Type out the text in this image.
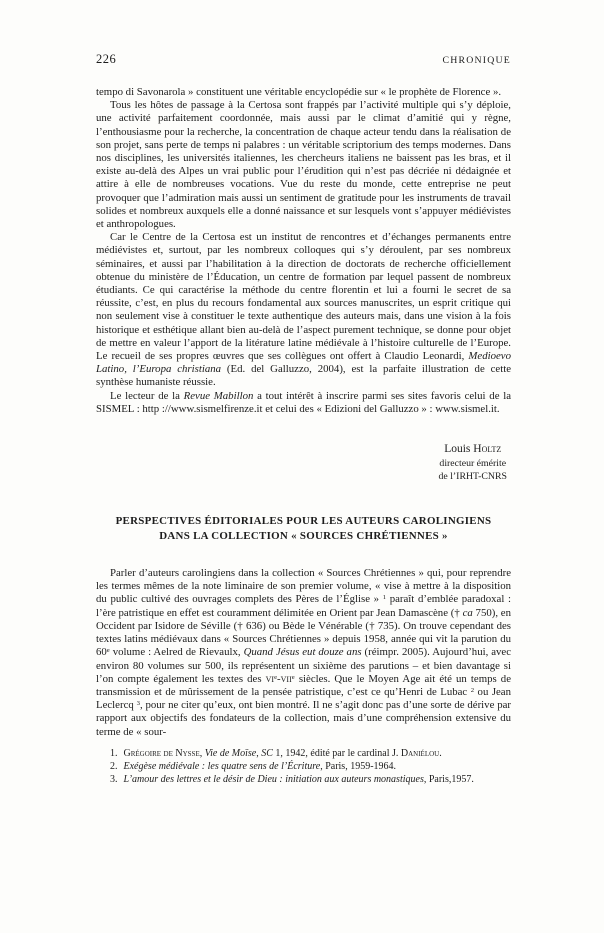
226	CHRONIQUE

tempo di Savonarola » constituent une véritable encyclopédie sur « le prophète de Florence ».

Tous les hôtes de passage à la Certosa sont frappés par l’activité multiple qui s’y déploie, une activité parfaitement coordonnée, mais aussi par le climat d’amitié qui y règne, l’enthousiasme pour la recherche, la concentration de chaque acteur tendu dans la réalisation de son projet, sans perte de temps ni palabres : un véritable scriptorium des temps modernes. Dans nos disciplines, les universités italiennes, les chercheurs italiens ne baissent pas les bras, et il existe au-delà des Alpes un vrai public pour l’érudition qui n’est pas décriée ni dédaignée et attire à elle de nombreuses vocations. Vue du reste du monde, cette entreprise ne peut provoquer que l’admiration mais aussi un sentiment de gratitude pour les instruments de travail solides et nombreux auxquels elle a donné naissance et sur lesquels vont s’appuyer médiévistes et anthropologues.

Car le Centre de la Certosa est un institut de rencontres et d’échanges permanents entre médiévistes et, surtout, par les nombreux colloques qui s’y déroulent, par ses nombreux séminaires, et aussi par l’habilitation à la direction de doctorats de recherche officiellement obtenue du ministère de l’Éducation, un centre de formation par lequel passent de nombreux étudiants. Ce qui caractérise la méthode du centre florentin et lui a fourni le secret de sa réussite, c’est, en plus du recours fondamental aux sources manuscrites, un esprit critique qui non seulement vise à constituer le texte authentique des auteurs mais, dans une vision à la fois historique et esthétique allant bien au-delà de l’aspect purement technique, se donne pour objet de mettre en valeur l’apport de la litérature latine médiévale à l’histoire culturelle de l’Europe. Le recueil de ses propres œuvres que ses collègues ont offert à Claudio Leonardi, Medioevo Latino, l’Europa christiana (Ed. del Galluzzo, 2004), est la parfaite illustration de cette synthèse humaniste réussie.

Le lecteur de la Revue Mabillon a tout intérêt à inscrire parmi ses sites favoris celui de la SISMEL : http ://www.sismelfirenze.it et celui des « Edizioni del Galluzzo » : www.sismel.it.

Louis Holtz
directeur émérite
de l’IRHT-CNRS
PERSPECTIVES ÉDITORIALES POUR LES AUTEURS CAROLINGIENS
DANS LA COLLECTION « SOURCES CHRÉTIENNES »

Parler d’auteurs carolingiens dans la collection « Sources Chrétiennes » qui, pour reprendre les termes mêmes de la note liminaire de son premier volume, « vise à mettre à la disposition du public cultivé des ouvrages complets des Pères de l’Église » $^1$ paraît d’emblée paradoxal : l’ère patristique en effet est couramment délimitée en Orient par Jean Damascène († ca 750), en Occident par Isidore de Séville († 636) ou Bède le Vénérable († 735). On trouve cependant des textes latins médiévaux dans « Sources Chrétiennes » depuis 1958, année qui vit la parution du 60e volume : Aelred de Rievaulx, Quand Jésus eut douze ans (réimpr. 2005). Aujourd’hui, avec environ 80 volumes sur 500, ils représentent un sixième des parutions – et bien davantage si l’on compte également les textes des $vi^e-vii^e$ siècles. Que le Moyen Age ait été un temps de transmission et de mûrissement de la pensée patristique, c’est ce qu’Henri de Lubac $^2$ ou Jean Leclercq $^3$, pour ne citer qu’eux, ont bien montré. Il ne s’agit donc pas d’une sorte de dérive par rapport aux objectifs des fondateurs de la collection, mais d’une compréhension extensive du terme de « sour-

1. Grégoire de Nysse, Vie de Moïse, SC 1, 1942, édité par le cardinal J. Daniélou.
2. Exégèse médiévale : les quatre sens de l’Écriture, Paris, 1959-1964.
3. L’amour des lettres et le désir de Dieu : initiation aux auteurs monastiques, Paris,1957.
